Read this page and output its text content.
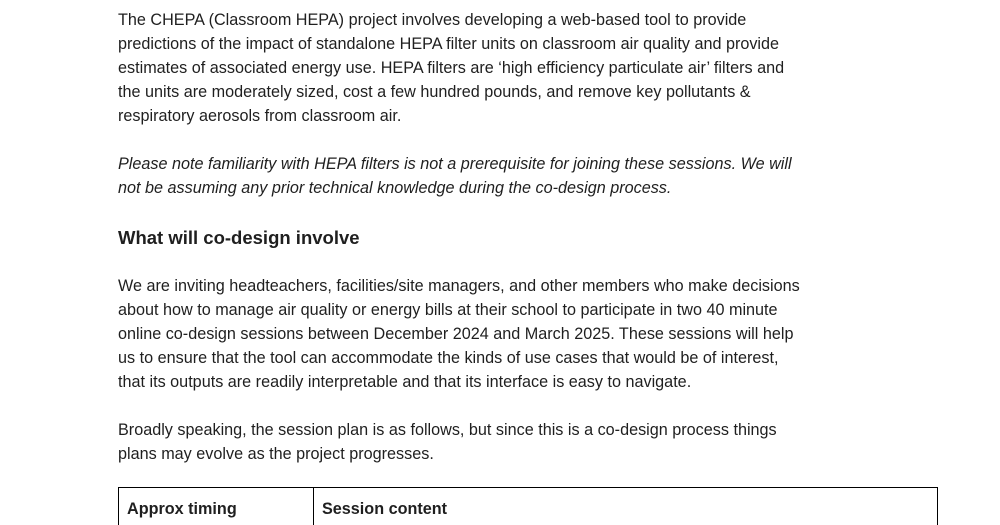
The CHEPA (Classroom HEPA) project involves developing a web-based tool to provide
predictions of the impact of standalone HEPA filter units on classroom air quality and provide
estimates of associated energy use. HEPA filters are ‘high efficiency particulate air’ filters and
the units are moderately sized, cost a few hundred pounds, and remove key pollutants &
respiratory aerosols from classroom air.

Please note familiarity with HEPA filters is not a prerequisite for joining these sessions. We will
not be assuming any prior technical knowledge during the co-design process.

What will co-design involve

We are inviting headteachers, facilities/site managers, and other members who make decisions
about how to manage air quality or energy bills at their school to participate in two 40 minute
online co-design sessions between December 2024 and March 2025. These sessions will help
us to ensure that the tool can accommodate the kinds of use cases that would be of interest,
that its outputs are readily interpretable and that its interface is easy to navigate.

Broadly speaking, the session plan is as follows, but since this is a co-design process things
plans may evolve as the project progresses.

Approx timing	Session content
